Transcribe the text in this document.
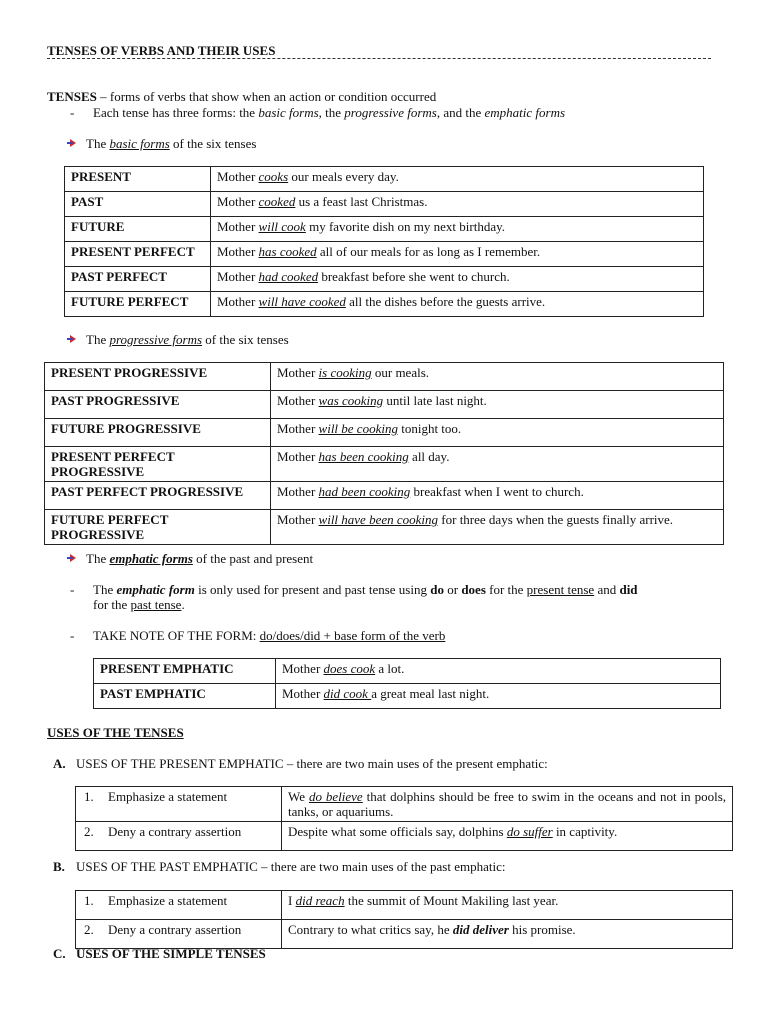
TENSES OF VERBS AND THEIR USES
TENSES – forms of verbs that show when an action or condition occurred
- Each tense has three forms: the basic forms, the progressive forms, and the emphatic forms
The basic forms of the six tenses
PRESENT	Mother cooks our meals every day.
PAST	Mother cooked us a feast last Christmas.
FUTURE	Mother will cook my favorite dish on my next birthday.
PRESENT PERFECT	Mother has cooked all of our meals for as long as I remember.
PAST PERFECT	Mother had cooked breakfast before she went to church.
FUTURE PERFECT	Mother will have cooked all the dishes before the guests arrive.
The progressive forms of the six tenses
PRESENT PROGRESSIVE	Mother is cooking our meals.
PAST PROGRESSIVE	Mother was cooking until late last night.
FUTURE PROGRESSIVE	Mother will be cooking tonight too.
PRESENT PERFECT PROGRESSIVE	Mother has been cooking all day.
PAST PERFECT PROGRESSIVE	Mother had been cooking breakfast when I went to church.
FUTURE PERFECT PROGRESSIVE	Mother will have been cooking for three days when the guests finally arrive.
The emphatic forms of the past and present
- The emphatic form is only used for present and past tense using do or does for the present tense and did
for the past tense.
- TAKE NOTE OF THE FORM: do/does/did + base form of the verb
PRESENT EMPHATIC	Mother does cook a lot.
PAST EMPHATIC	Mother did cook a great meal last night.
USES OF THE TENSES
A. USES OF THE PRESENT EMPHATIC – there are two main uses of the present emphatic:
1. Emphasize a statement	We do believe that dolphins should be free to swim in the oceans and not in pools, tanks, or aquariums.
2. Deny a contrary assertion	Despite what some officials say, dolphins do suffer in captivity.
B. USES OF THE PAST EMPHATIC – there are two main uses of the past emphatic:
1. Emphasize a statement	I did reach the summit of Mount Makiling last year.
2. Deny a contrary assertion	Contrary to what critics say, he did deliver his promise.
C. USES OF THE SIMPLE TENSES
